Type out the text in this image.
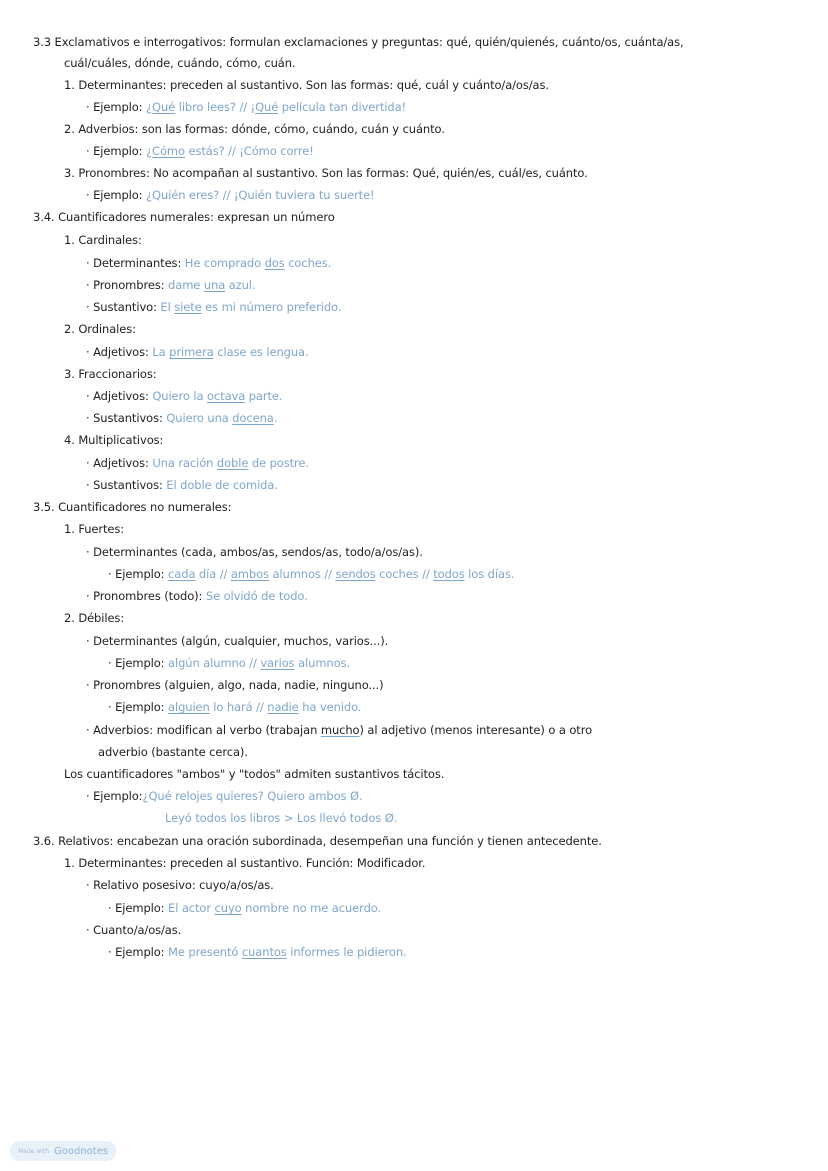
3.3 Exclamativos e interrogativos: formulan exclamaciones y preguntas: qué, quién/quienés, cuánto/os, cuánta/as,
cuál/cuáles, dónde, cuándo, cómo, cuán.
1. Determinantes: preceden al sustantivo. Son las formas: qué, cuál y cuánto/a/os/as.
· Ejemplo: ¿Qué libro lees? // ¡Qué película tan divertida!
2. Adverbios: son las formas: dónde, cómo, cuándo, cuán y cuánto.
· Ejemplo: ¿Cómo estás? // ¡Cómo corre!
3. Pronombres: No acompañan al sustantivo. Son las formas: Qué, quién/es, cuál/es, cuánto.
· Ejemplo: ¿Quién eres? // ¡Quién tuviera tu suerte!
3.4. Cuantificadores numerales: expresan un número
1. Cardinales:
· Determinantes: He comprado dos coches.
· Pronombres: dame una azul.
· Sustantivo: El siete es mi número preferido.
2. Ordinales:
· Adjetivos: La primera clase es lengua.
3. Fraccionarios:
· Adjetivos: Quiero la octava parte.
· Sustantivos: Quiero una docena.
4. Multiplicativos:
· Adjetivos: Una ración doble de postre.
· Sustantivos: El doble de comida.
3.5. Cuantificadores no numerales:
1. Fuertes:
· Determinantes (cada, ambos/as, sendos/as, todo/a/os/as).
· Ejemplo: cada día // ambos alumnos // sendos coches // todos los días.
· Pronombres (todo): Se olvidó de todo.
2. Débiles:
· Determinantes (algún, cualquier, muchos, varios...).
· Ejemplo: algún alumno // varios alumnos.
· Pronombres (alguien, algo, nada, nadie, ninguno...)
· Ejemplo: alguien lo hará // nadie ha venido.
· Adverbios: modifican al verbo (trabajan mucho) al adjetivo (menos interesante) o a otro
adverbio (bastante cerca).
Los cuantificadores "ambos" y "todos" admiten sustantivos tácitos.
· Ejemplo:¿Qué relojes quieres? Quiero ambos Ø.
Leyó todos los libros > Los llevó todos Ø.
3.6. Relativos: encabezan una oración subordinada, desempeñan una función y tienen antecedente.
1. Determinantes: preceden al sustantivo. Función: Modificador.
· Relativo posesivo: cuyo/a/os/as.
· Ejemplo: El actor cuyo nombre no me acuerdo.
· Cuanto/a/os/as.
· Ejemplo: Me presentó cuantos informes le pidieron.
Made with Goodnotes
